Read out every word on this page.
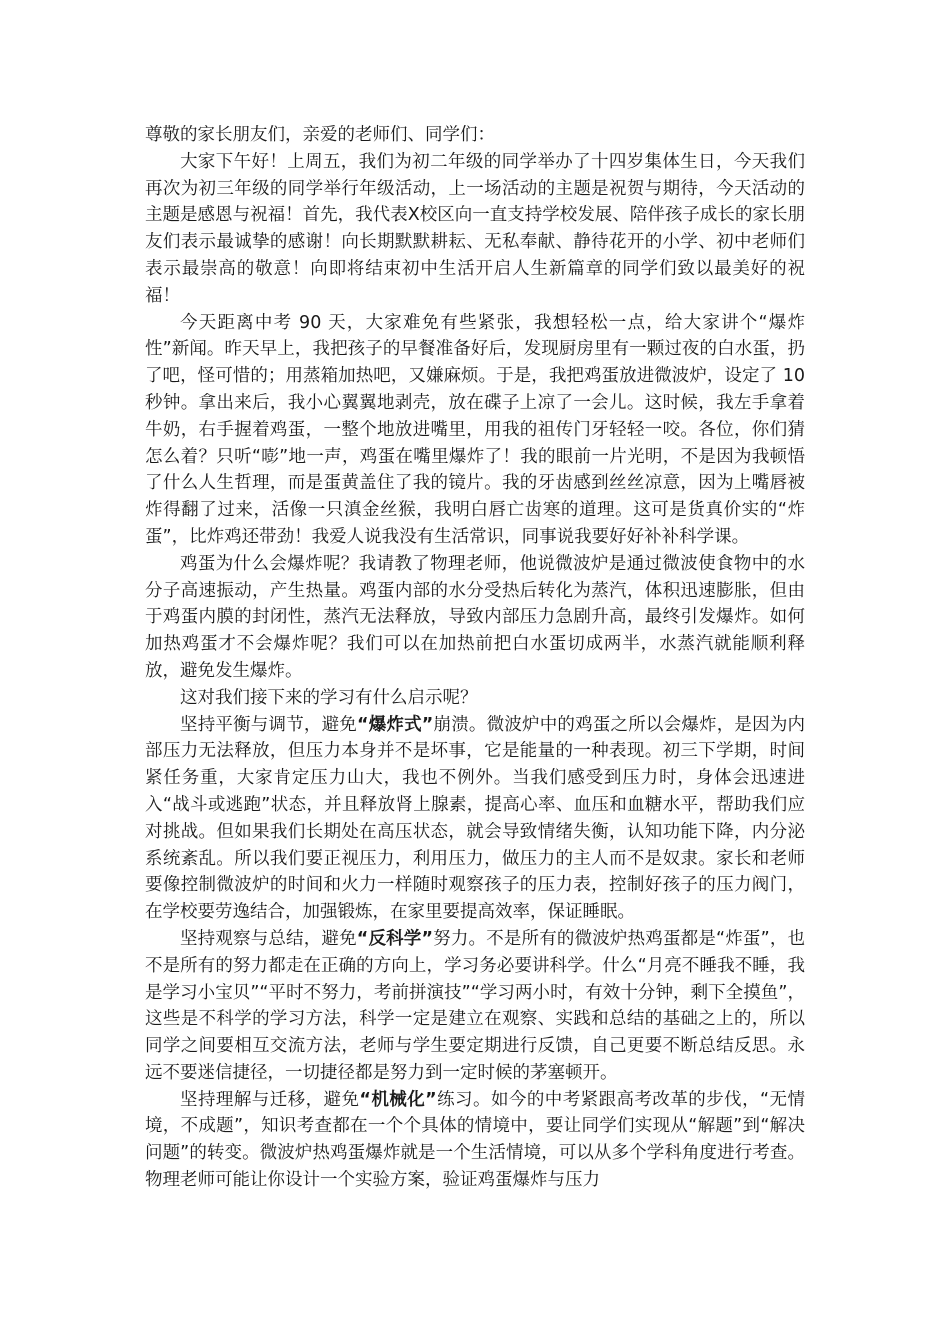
尊敬的家长朋友们，亲爱的老师们、同学们：

大家下午好！上周五，我们为初二年级的同学举办了十四岁集体生日，今天我们再次为初三年级的同学举行年级活动，上一场活动的主题是祝贺与期待，今天活动的主题是感恩与祝福！首先，我代表X校区向一直支持学校发展、陪伴孩子成长的家长朋友们表示最诚挚的感谢！向长期默默耕耘、无私奉献、静待花开的小学、初中老师们表示最崇高的敬意！向即将结束初中生活开启人生新篇章的同学们致以最美好的祝福！

今天距离中考 90 天，大家难免有些紧张，我想轻松一点，给大家讲个“爆炸性”新闻。昨天早上，我把孩子的早餐准备好后，发现厨房里有一颗过夜的白水蛋，扔了吧，怪可惜的；用蒸箱加热吧，又嫌麻烦。于是，我把鸡蛋放进微波炉，设定了 10 秒钟。拿出来后，我小心翼翼地剥壳，放在碟子上凉了一会儿。这时候，我左手拿着牛奶，右手握着鸡蛋，一整个地放进嘴里，用我的祖传门牙轻轻一咬。各位，你们猜怎么着？只听“嘭”地一声，鸡蛋在嘴里爆炸了！我的眼前一片光明，不是因为我顿悟了什么人生哲理，而是蛋黄盖住了我的镜片。我的牙齿感到丝丝凉意，因为上嘴唇被炸得翻了过来，活像一只滇金丝猴，我明白唇亡齿寒的道理。这可是货真价实的“炸蛋”，比炸鸡还带劲！我爱人说我没有生活常识，同事说我要好好补补科学课。

鸡蛋为什么会爆炸呢？我请教了物理老师，他说微波炉是通过微波使食物中的水分子高速振动，产生热量。鸡蛋内部的水分受热后转化为蒸汽，体积迅速膨胀，但由于鸡蛋内膜的封闭性，蒸汽无法释放，导致内部压力急剧升高，最终引发爆炸。如何加热鸡蛋才不会爆炸呢？我们可以在加热前把白水蛋切成两半，水蒸汽就能顺利释放，避免发生爆炸。

这对我们接下来的学习有什么启示呢？

坚持平衡与调节，避免“爆炸式”崩溃。微波炉中的鸡蛋之所以会爆炸，是因为内部压力无法释放，但压力本身并不是坏事，它是能量的一种表现。初三下学期，时间紧任务重，大家肯定压力山大，我也不例外。当我们感受到压力时，身体会迅速进入“战斗或逃跑”状态，并且释放肾上腺素，提高心率、血压和血糖水平，帮助我们应对挑战。但如果我们长期处在高压状态，就会导致情绪失衡，认知功能下降，内分泌系统紊乱。所以我们要正视压力，利用压力，做压力的主人而不是奴隶。家长和老师要像控制微波炉的时间和火力一样随时观察孩子的压力表，控制好孩子的压力阀门，在学校要劳逸结合，加强锻炼，在家里要提高效率，保证睡眠。

坚持观察与总结，避免“反科学”努力。不是所有的微波炉热鸡蛋都是“炸蛋”，也不是所有的努力都走在正确的方向上，学习务必要讲科学。什么“月亮不睡我不睡，我是学习小宝贝”“平时不努力，考前拼演技”“学习两小时，有效十分钟，剩下全摸鱼”，这些是不科学的学习方法，科学一定是建立在观察、实践和总结的基础之上的，所以同学之间要相互交流方法，老师与学生要定期进行反馈，自己更要不断总结反思。永远不要迷信捷径，一切捷径都是努力到一定时候的茅塞顿开。

坚持理解与迁移，避免“机械化”练习。如今的中考紧跟高考改革的步伐，“无情境，不成题”，知识考查都在一个个具体的情境中，要让同学们实现从“解题”到“解决问题”的转变。微波炉热鸡蛋爆炸就是一个生活情境，可以从多个学科角度进行考查。物理老师可能让你设计一个实验方案，验证鸡蛋爆炸与压力
